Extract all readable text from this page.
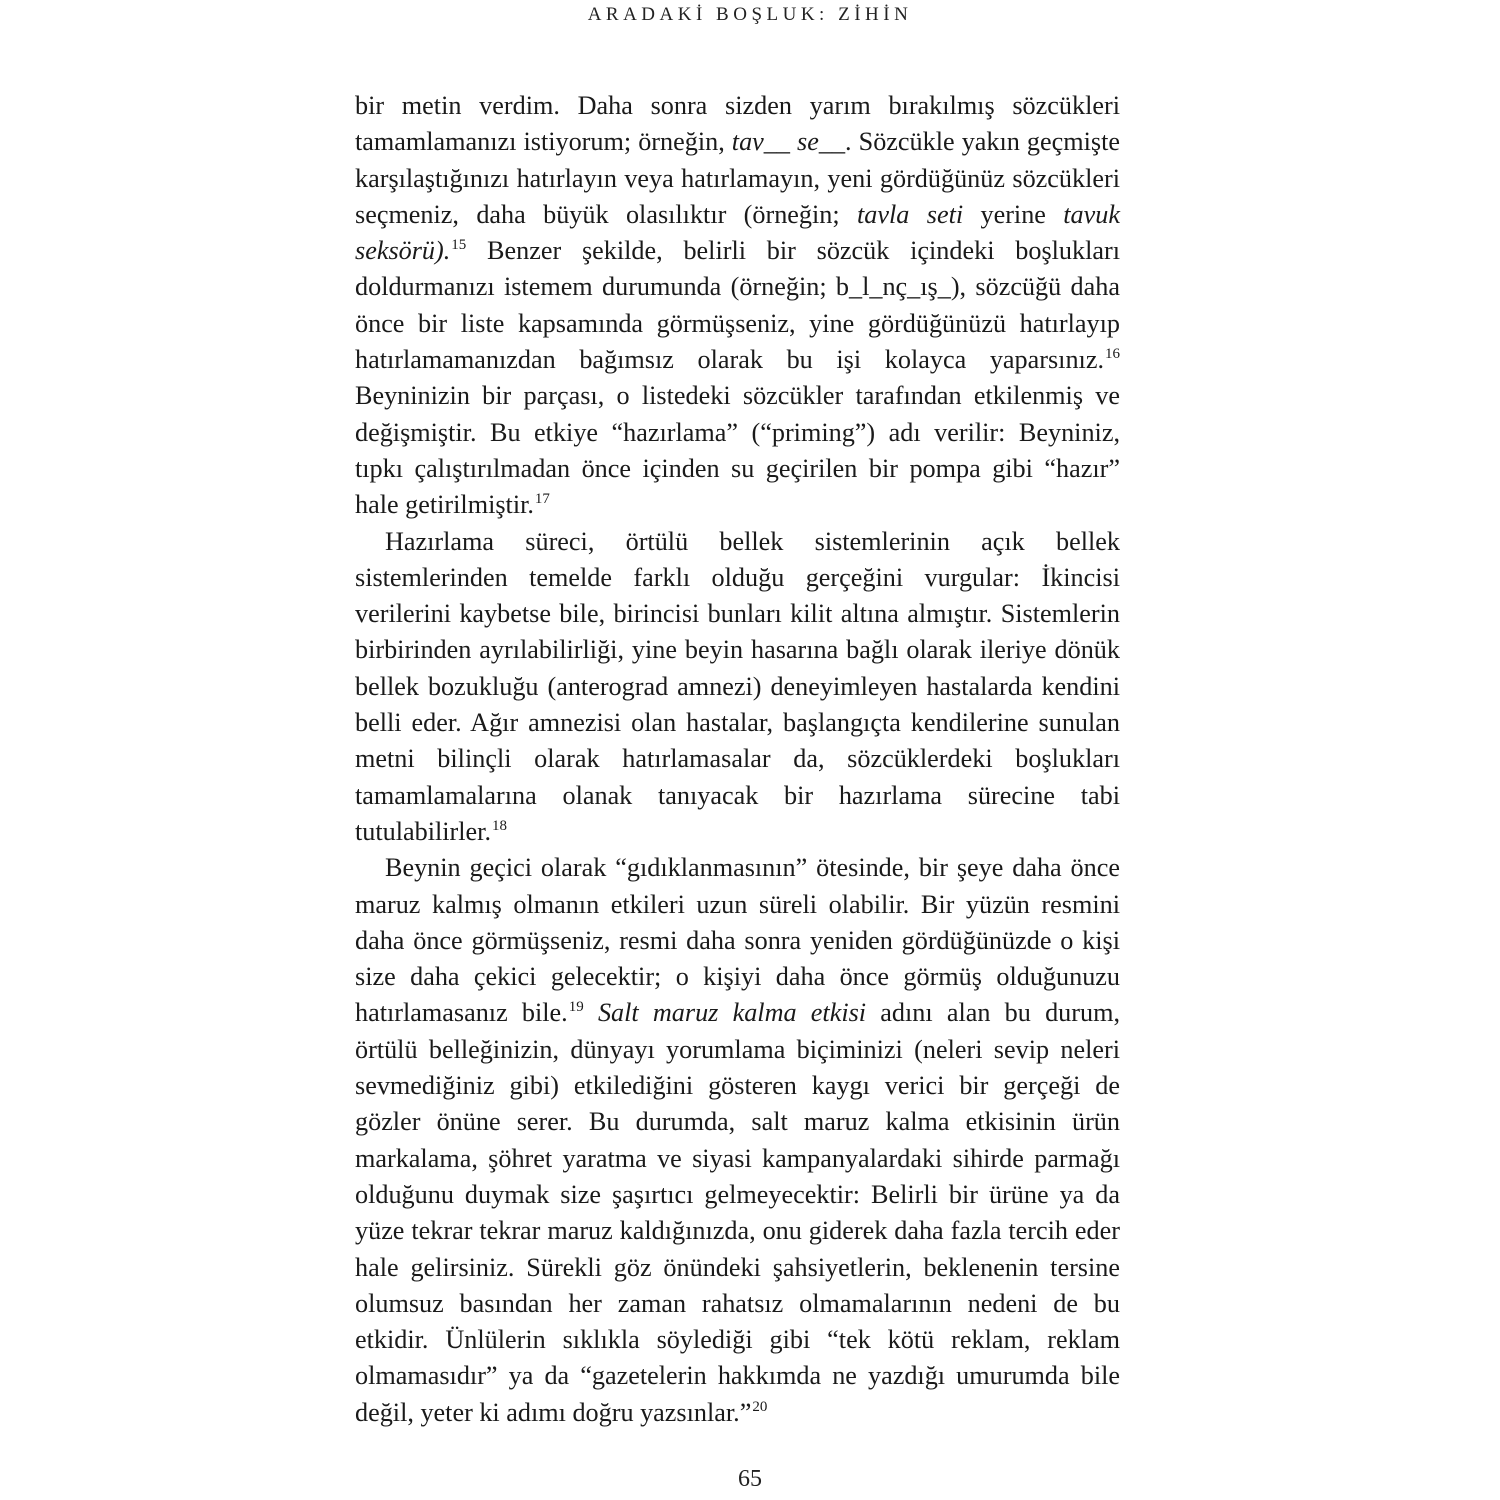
ARADAKİ BOŞLUK: ZİHİN

bir metin verdim. Daha sonra sizden yarım bırakılmış sözcükleri tamamlamanızı istiyorum; örneğin, tav__ se__. Sözcükle yakın geçmişte karşılaştığınızı hatırlayın veya hatırlamayın, yeni gördüğünüz sözcükleri seçmeniz, daha büyük olasılıktır (örneğin; tavla seti yerine tavuk seksörü).$^{15}$ Benzer şekilde, belirli bir sözcük içindeki boşlukları doldurmanızı istemem durumunda (örneğin; b_l_nç_ış_), sözcüğü daha önce bir liste kapsamında görmüşseniz, yine gördüğünüzü hatırlayıp hatırlamamanızdan bağımsız olarak bu işi kolayca yaparsınız.$^{16}$ Beyninizin bir parçası, o listedeki sözcükler tarafından etkilenmiş ve değişmiştir. Bu etkiye “hazırlama” (“priming”) adı verilir: Beyniniz, tıpkı çalıştırılmadan önce içinden su geçirilen bir pompa gibi “hazır” hale getirilmiştir.$^{17}$

Hazırlama süreci, örtülü bellek sistemlerinin açık bellek sistemlerinden temelde farklı olduğu gerçeğini vurgular: İkincisi verilerini kaybetse bile, birincisi bunları kilit altına almıştır. Sistemlerin birbirinden ayrılabilirliği, yine beyin hasarına bağlı olarak ileriye dönük bellek bozukluğu (anterograd amnezi) deneyimleyen hastalarda kendini belli eder. Ağır amnezisi olan hastalar, başlangıçta kendilerine sunulan metni bilinçli olarak hatırlamasalar da, sözcüklerdeki boşlukları tamamlamalarına olanak tanıyacak bir hazırlama sürecine tabi tutulabilirler.$^{18}$

Beynin geçici olarak “gıdıklanmasının” ötesinde, bir şeye daha önce maruz kalmış olmanın etkileri uzun süreli olabilir. Bir yüzün resmini daha önce görmüşseniz, resmi daha sonra yeniden gördüğünüzde o kişi size daha çekici gelecektir; o kişiyi daha önce görmüş olduğunuzu hatırlamasanız bile.$^{19}$ Salt maruz kalma etkisi adını alan bu durum, örtülü belleğinizin, dünyayı yorumlama biçiminizi (neleri sevip neleri sevmediğiniz gibi) etkilediğini gösteren kaygı verici bir gerçeği de gözler önüne serer. Bu durumda, salt maruz kalma etkisinin ürün markalama, şöhret yaratma ve siyasi kampanyalardaki sihirde parmağı olduğunu duymak size şaşırtıcı gelmeyecektir: Belirli bir ürüne ya da yüze tekrar tekrar maruz kaldığınızda, onu giderek daha fazla tercih eder hale gelirsiniz. Sürekli göz önündeki şahsiyetlerin, beklenenin tersine olumsuz basından her zaman rahatsız olmamalarının nedeni de bu etkidir. Ünlülerin sıklıkla söylediği gibi “tek kötü reklam, reklam olmamasıdır” ya da “gazetelerin hakkımda ne yazdığı umurumda bile değil, yeter ki adımı doğru yazsınlar.”$^{20}$

65
